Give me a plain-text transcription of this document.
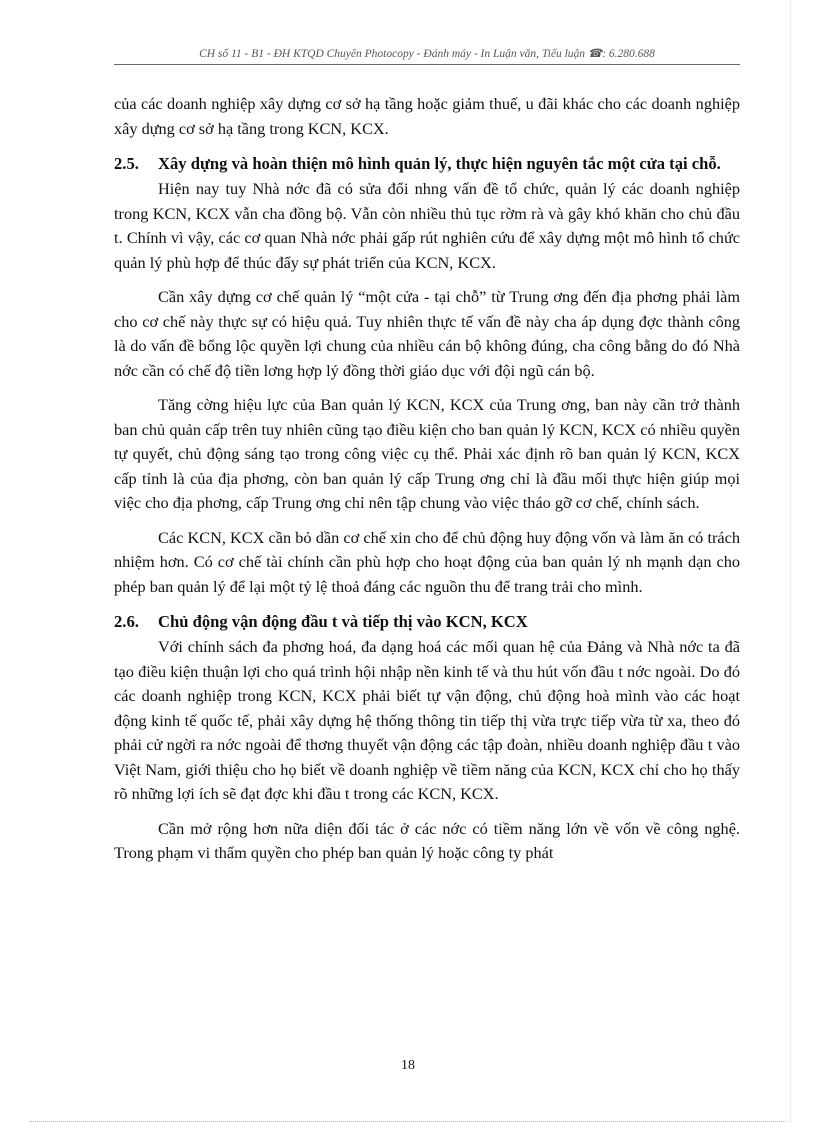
CH số 11 - B1 - ĐH KTQD Chuyên Photocopy - Đánh máy - In Luận văn, Tiểu luận ☎: 6.280.688

của các doanh nghiệp xây dựng cơ sở hạ tầng hoặc giảm thuế, u đãi khác cho các doanh nghiệp xây dựng cơ sở hạ tầng trong KCN, KCX.

2.5.	Xây dựng và hoàn thiện mô hình quản lý, thực hiện nguyên tắc một cửa tại chỗ.

Hiện nay tuy Nhà nớc đã có sửa đổi nhng vấn đề tổ chức, quản lý các doanh nghiệp trong KCN, KCX vẫn cha đồng bộ. Vẫn còn nhiều thủ tục rờm rà và gây khó khăn cho chủ đầu t. Chính vì vậy, các cơ quan Nhà nớc phải gấp rút nghiên cứu để xây dựng một mô hình tổ chức quản lý phù hợp để thúc đẩy sự phát triển của KCN, KCX.

Cần xây dựng cơ chế quản lý “một cửa - tại chỗ” từ Trung ơng đến địa phơng phải làm cho cơ chế này thực sự có hiệu quả. Tuy nhiên thực tế vấn đề này cha áp dụng đợc thành công là do vấn đề bổng lộc quyền lợi chung của nhiều cán bộ không đúng, cha công bằng do đó Nhà nớc cần có chế độ tiền lơng hợp lý đồng thời giáo dục với đội ngũ cán bộ.

Tăng cờng hiệu lực của Ban quản lý KCN, KCX của Trung ơng, ban này cần trở thành ban chủ quản cấp trên tuy nhiên cũng tạo điều kiện cho ban quản lý KCN, KCX có nhiều quyền tự quyết, chủ động sáng tạo trong công việc cụ thể. Phải xác định rõ ban quản lý KCN, KCX cấp tỉnh là của địa phơng, còn ban quản lý cấp Trung ơng chỉ là đầu mối thực hiện giúp mọi việc cho địa phơng, cấp Trung ơng chỉ nên tập chung vào việc tháo gỡ cơ chế, chính sách.

Các KCN, KCX cần bỏ dần cơ chế xin cho để chủ động huy động vốn và làm ăn có trách nhiệm hơn. Có cơ chế tài chính cần phù hợp cho hoạt động của ban quản lý nh mạnh dạn cho phép ban quản lý để lại một tỷ lệ thoả đáng các nguồn thu để trang trải cho mình.

2.6.	Chủ động vận động đầu t và tiếp thị vào KCN, KCX

Với chính sách đa phơng hoá, đa dạng hoá các mối quan hệ của Đảng và Nhà nớc ta đã tạo điều kiện thuận lợi cho quá trình hội nhập nền kinh tế và thu hút vốn đầu t nớc ngoài. Do đó các doanh nghiệp trong KCN, KCX phải biết tự vận động, chủ động hoà mình vào các hoạt động kinh tế quốc tế, phải xây dựng hệ thống thông tin tiếp thị vừa trực tiếp vừa từ xa, theo đó phải cử ngời ra nớc ngoài để thơng thuyết vận động các tập đoàn, nhiều doanh nghiệp đầu t vào Việt Nam, giới thiệu cho họ biết về doanh nghiệp về tiềm năng của KCN, KCX chỉ cho họ thấy rõ những lợi ích sẽ đạt đợc khi đầu t trong các KCN, KCX.

Cần mở rộng hơn nữa diện đối tác ở các nớc có tiềm năng lớn về vốn về công nghệ. Trong phạm vi thẩm quyền cho phép ban quản lý hoặc công ty phát

18
